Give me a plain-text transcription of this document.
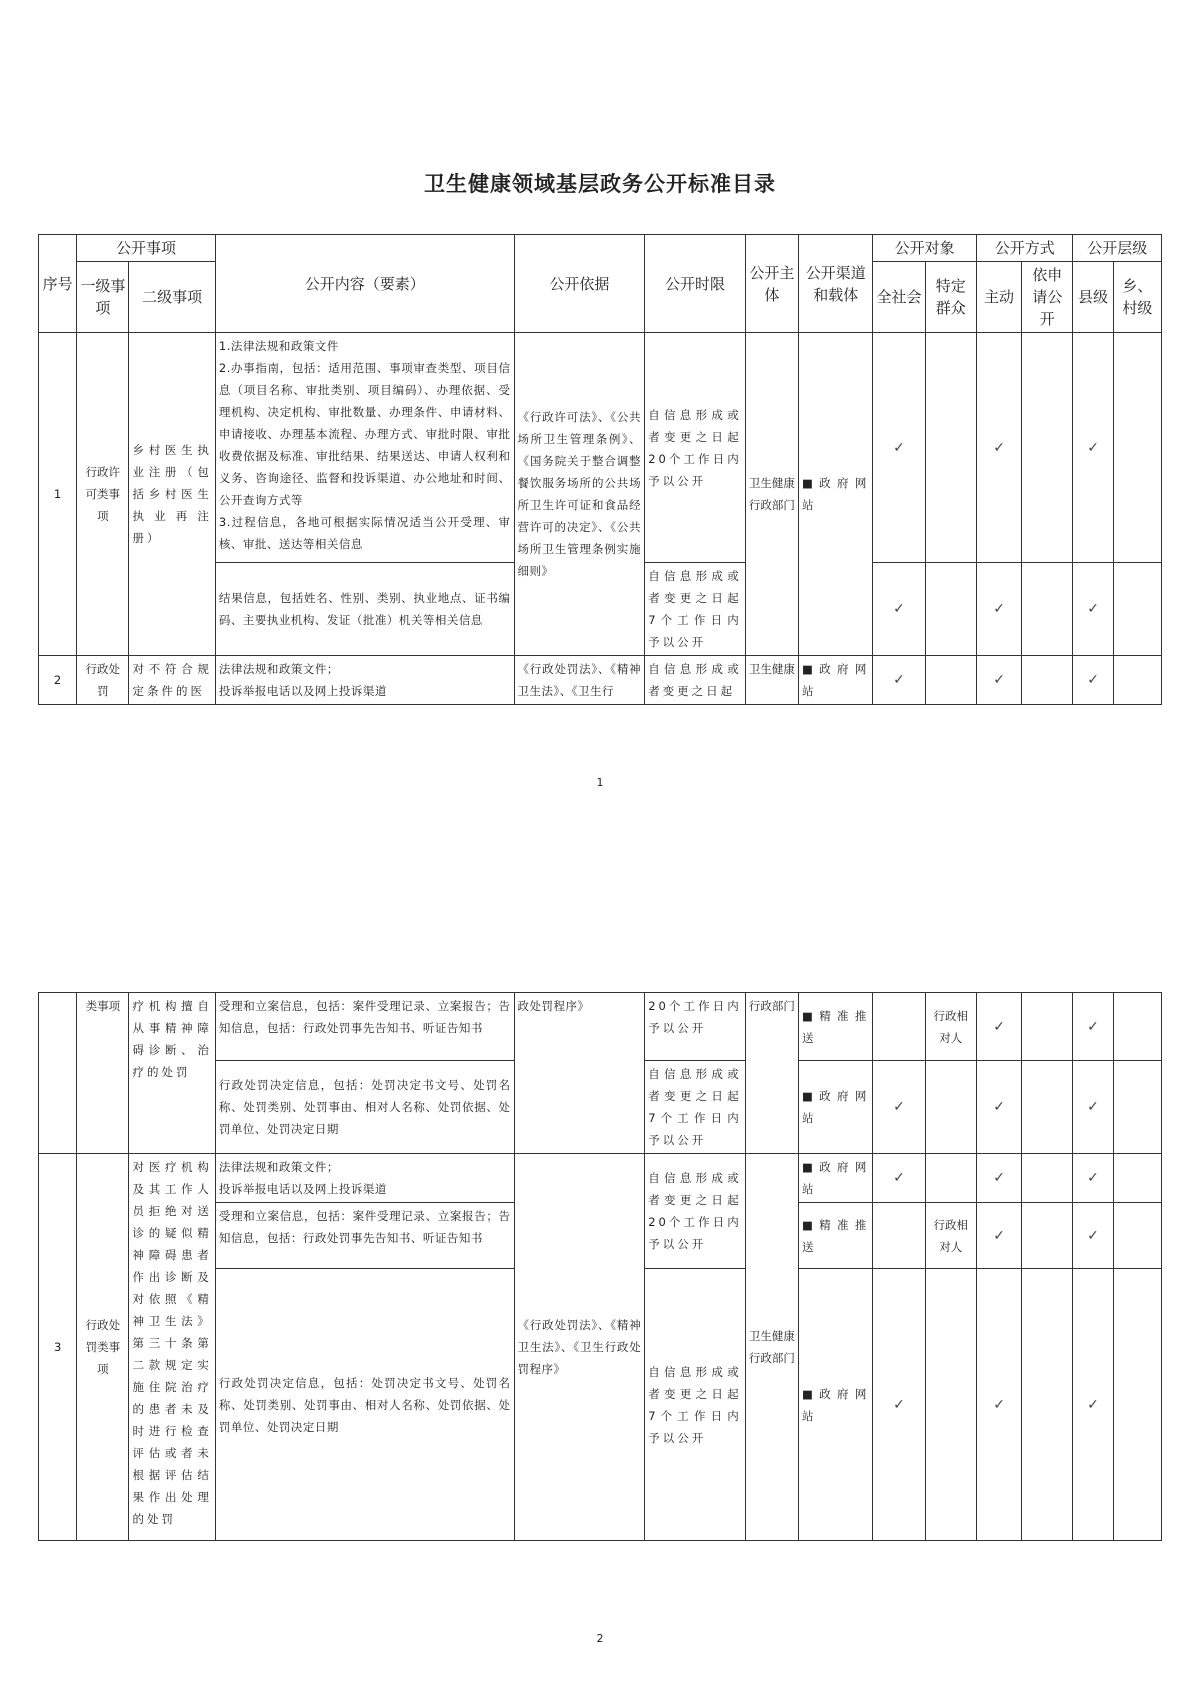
卫生健康领域基层政务公开标准目录
序号	公开事项		公开内容（要素）	公开依据	公开时限	公开主体	公开渠道和载体	公开对象		公开方式		公开层级	
	一级事项	二级事项						全社会	特定群众	主动	依申请公开	县级	乡、村级
1	行政许可类事项	乡村医生执业注册（包括乡村医生执业再注册）	1.法律法规和政策文件
2.办事指南，包括：适用范围、事项审查类型、项目信息（项目名称、审批类别、项目编码）、办理依据、受理机构、决定机构、审批数量、办理条件、申请材料、申请接收、办理基本流程、办理方式、审批时限、审批收费依据及标准、审批结果、结果送达、申请人权利和义务、咨询途径、监督和投诉渠道、办公地址和时间、公开查询方式等
3.过程信息，各地可根据实际情况适当公开受理、审核、审批、送达等相关信息	《行政许可法》、《公共场所卫生管理条例》、《国务院关于整合调整餐饮服务场所的公共场所卫生许可证和食品经营许可的决定》、《公共场所卫生管理条例实施细则》	自信息形成或者变更之日起20个工作日内予以公开	卫生健康行政部门	■政府网站	✓		✓		✓	
			结果信息，包括姓名、性别、类别、执业地点、证书编码、主要执业机构、发证（批准）机关等相关信息		自信息形成或者变更之日起7个工作日内予以公开			✓		✓		✓	
2	行政处罚	对不符合规定条件的医	法律法规和政策文件；
投诉举报电话以及网上投诉渠道	《行政处罚法》、《精神卫生法》、《卫生行	自信息形成或者变更之日起	卫生健康	■政府网站	✓		✓		✓	
1
	类事项	疗机构擅自从事精神障碍诊断、治疗的处罚	受理和立案信息，包括：案件受理记录、立案报告；告知信息，包括：行政处罚事先告知书、听证告知书	政处罚程序》	20个工作日内予以公开	行政部门	■精准推送		行政相对人	✓		✓	
			行政处罚决定信息，包括：处罚决定书文号、处罚名称、处罚类别、处罚事由、相对人名称、处罚依据、处罚单位、处罚决定日期		自信息形成或者变更之日起7个工作日内予以公开		■政府网站	✓		✓		✓	
3	行政处罚类事项	对医疗机构及其工作人员拒绝对送诊的疑似精神障碍患者作出诊断及对依照《精神卫生法》第三十条第二款规定实施住院治疗的患者未及时进行检查评估或者未根据评估结果作出处理的处罚	法律法规和政策文件；
投诉举报电话以及网上投诉渠道	《行政处罚法》、《精神卫生法》、《卫生行政处罚程序》	自信息形成或者变更之日起20个工作日内予以公开	卫生健康行政部门	■政府网站	✓		✓		✓	
			受理和立案信息，包括：案件受理记录、立案报告；告知信息，包括：行政处罚事先告知书、听证告知书				■精准推送		行政相对人	✓		✓	
			行政处罚决定信息，包括：处罚决定书文号、处罚名称、处罚类别、处罚事由、相对人名称、处罚依据、处罚单位、处罚决定日期		自信息形成或者变更之日起7个工作日内予以公开		■政府网站	✓		✓		✓	
2
